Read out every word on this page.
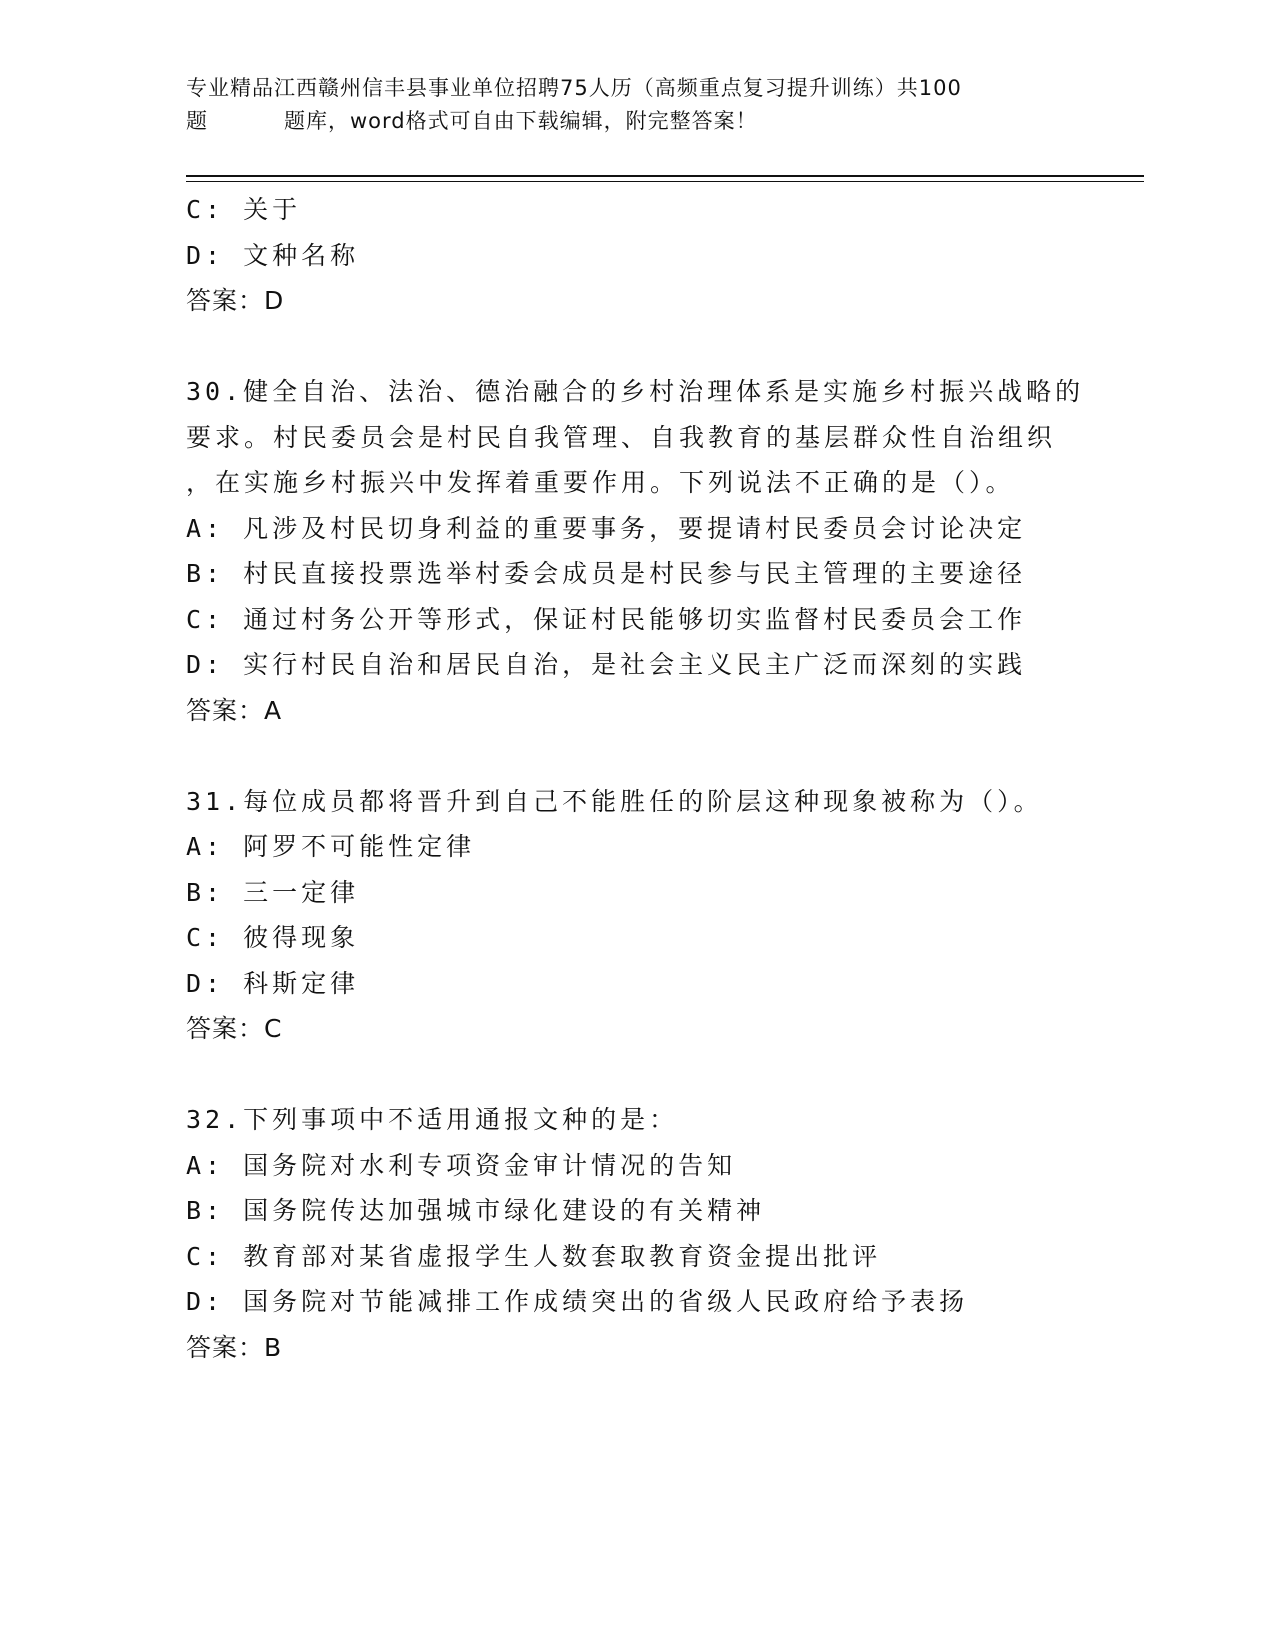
专业精品江西赣州信丰县事业单位招聘75人历（高频重点复习提升训练）共100
题	题库，word格式可自由下载编辑，附完整答案！
C: 关于
D: 文种名称
答案：D
30.健全自治、法治、德治融合的乡村治理体系是实施乡村振兴战略的
要求。村民委员会是村民自我管理、自我教育的基层群众性自治组织
，在实施乡村振兴中发挥着重要作用。下列说法不正确的是（）。
A: 凡涉及村民切身利益的重要事务，要提请村民委员会讨论决定
B: 村民直接投票选举村委会成员是村民参与民主管理的主要途径
C: 通过村务公开等形式，保证村民能够切实监督村民委员会工作
D: 实行村民自治和居民自治，是社会主义民主广泛而深刻的实践
答案：A
31.每位成员都将晋升到自己不能胜任的阶层这种现象被称为（）。
A: 阿罗不可能性定律
B: 三一定律
C: 彼得现象
D: 科斯定律
答案：C
32.下列事项中不适用通报文种的是：
A: 国务院对水利专项资金审计情况的告知
B: 国务院传达加强城市绿化建设的有关精神
C: 教育部对某省虚报学生人数套取教育资金提出批评
D: 国务院对节能减排工作成绩突出的省级人民政府给予表扬
答案：B
